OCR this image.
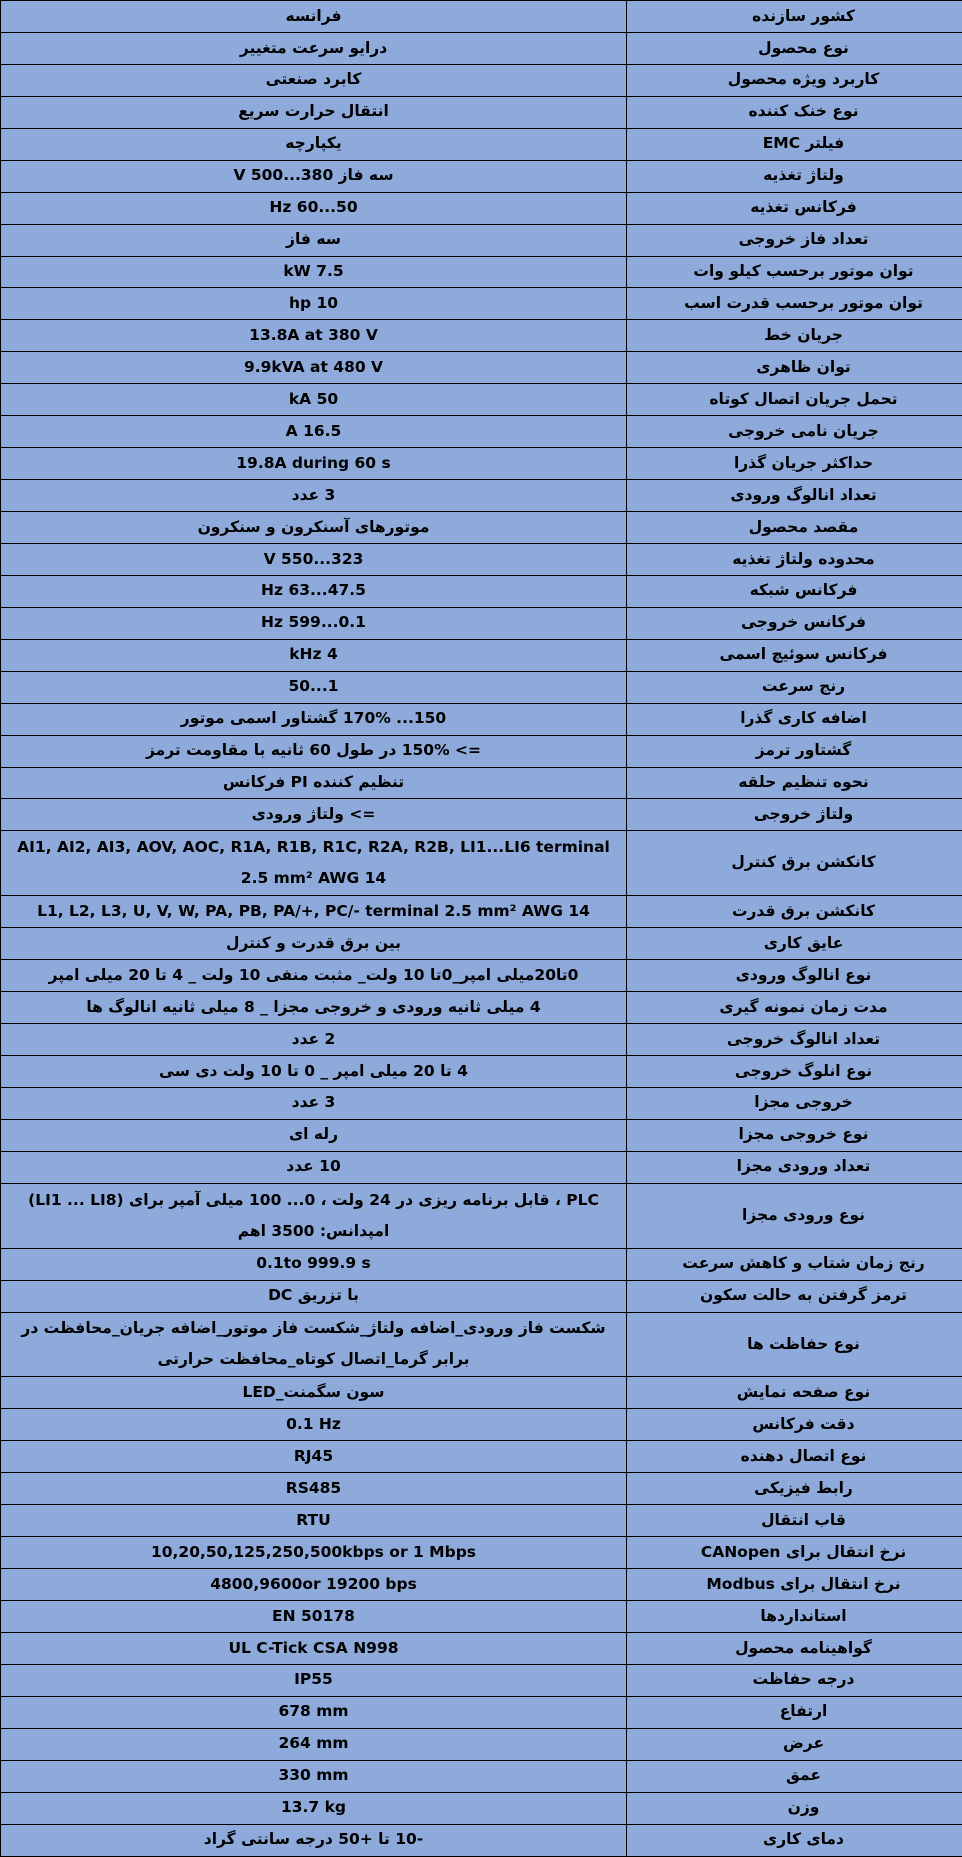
کشور سازنده	فرانسه
نوع محصول	درایو سرعت متغییر
کاربرد ویژه محصول	کابرد صنعتی
نوع خنک کننده	انتقال حرارت سریع
فیلتر EMC	یکپارچه
ولتاژ تغذیه	سه فاز 380...500 V
فرکانس تغذیه	50...60 Hz
تعداد فاز خروجی	سه فاز
توان موتور برحسب کیلو وات	7.5 kW
توان موتور برحسب قدرت اسب	10 hp
جریان خط	13.8A at 380 V
توان ظاهری	9.9kVA at 480 V
تحمل جریان اتصال کوتاه	50 kA
جریان نامی خروجی	16.5 A
حداکثر جریان گذرا	19.8A during 60 s
تعداد انالوگ ورودی	3 عدد
مقصد محصول	موتورهای آسنکرون و سنکرون
محدوده ولتاژ تغذیه	323...550 V
فرکانس شبکه	47.5...63 Hz
فرکانس خروجی	0.1...599 Hz
فرکانس سوئیچ اسمی	4 kHz
رنج سرعت	1...50
اضافه کاری گذرا	150... 170% گشتاور اسمی موتور
گشتاور ترمز	=> 150% در طول 60 ثانیه با مقاومت ترمز
نحوه تنظیم حلقه	تنظیم کننده PI فرکانس
ولتاژ خروجی	=> ولتاژ ورودی
کانکشن برق کنترل	AI1, AI2, AI3, AOV, AOC, R1A, R1B, R1C, R2A, R2B, LI1...LI6 terminal 2.5 mm² AWG 14
کانکشن برق قدرت	L1, L2, L3, U, V, W, PA, PB, PA/+, PC/- terminal 2.5 mm² AWG 14
عایق کاری	بین برق قدرت و کنترل
نوع انالوگ ورودی	0تا20میلی امپر_0تا 10 ولت_ مثبت منفی 10 ولت _ 4 تا 20 میلی امپر
مدت زمان نمونه گیری	4 میلی ثانیه ورودی و خروجی مجزا _ 8 میلی ثانیه انالوگ ها
تعداد انالوگ خروجی	2 عدد
نوع انلوگ خروجی	4 تا 20 میلی امپر _ 0 تا 10 ولت دی سی
خروجی مجزا	3 عدد
نوع خروجی مجزا	رله ای
تعداد ورودی مجزا	10 عدد
نوع ورودی مجزا	PLC ، قابل برنامه ریزی در 24 ولت ، 0... 100 میلی آمپر برای (LI1 ... LI8) امپدانس: 3500 اهم
رنج زمان شتاب و کاهش سرعت	0.1to 999.9 s
ترمز گرفتن به حالت سکون	با تزریق DC
نوع حفاظت ها	شکست فاز ورودی_اضافه ولتاژ_شکست فاز موتور_اضافه جریان_محافظت در برابر گرما_اتصال کوتاه_محافظت حرارتی
نوع صفحه نمایش	سون سگمنت_LED
دقت فرکانس	0.1 Hz
نوع اتصال دهنده	RJ45
رابط فیزیکی	RS485
قاب انتقال	RTU
نرخ انتقال برای CANopen	10,20,50,125,250,500kbps or 1 Mbps
نرخ انتقال برای Modbus	4800,9600or 19200 bps
استانداردها	EN 50178
گواهینامه محصول	UL C-Tick CSA N998
درجه حفاظت	IP55
ارتفاع	678 mm
عرض	264 mm
عمق	330 mm
وزن	13.7 kg
دمای کاری	-10 تا +50 درجه سانتی گراد
